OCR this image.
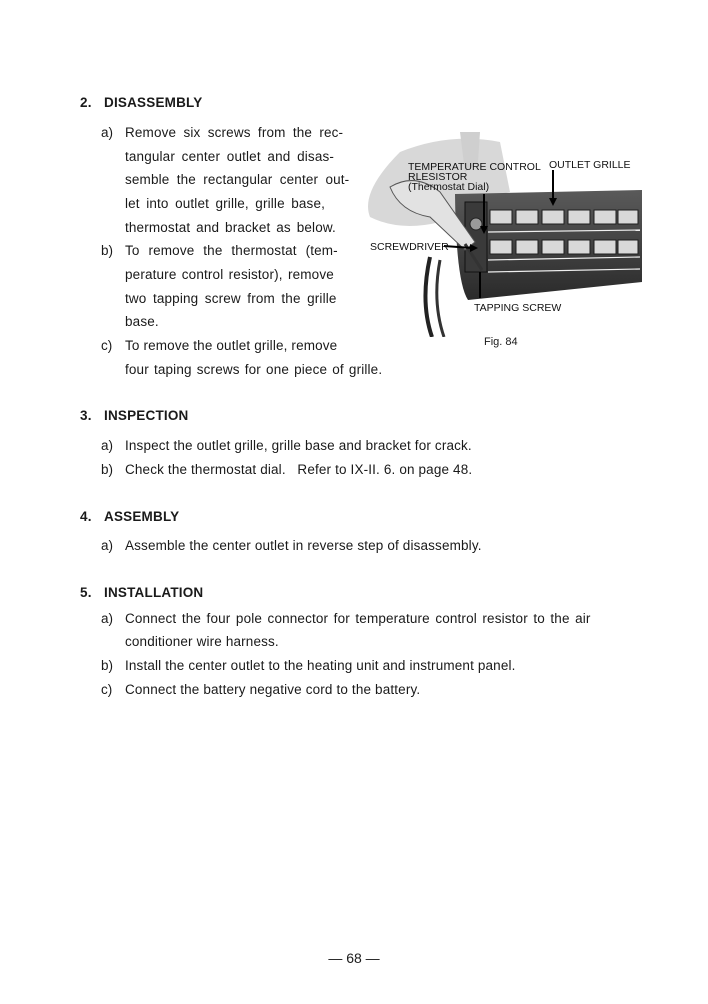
2. DISASSEMBLY
a) Remove six screws from the rec-
tangular center outlet and disas-
semble the rectangular center out-
let into outlet grille, grille base,
thermostat and bracket as below.
b) To remove the thermostat (tem-
perature control resistor), remove
two tapping screw from the grille
base.
c) To remove the outlet grille, remove
four taping screws for one piece of grille.
TEMPERATURE CONTROL
RLESISTOR
(Thermostat Dial)
OUTLET GRILLE
SCREWDRIVER
TAPPING SCREW
Fig. 84
3. INSPECTION
a) Inspect the outlet grille, grille base and bracket for crack.
b) Check the thermostat dial.   Refer to IX-II. 6. on page 48.
4. ASSEMBLY
a) Assemble the center outlet in reverse step of disassembly.
5. INSTALLATION
a) Connect the four pole connector for temperature control resistor to the air
conditioner wire harness.
b) Install the center outlet to the heating unit and instrument panel.
c) Connect the battery negative cord to the battery.
— 68 —
